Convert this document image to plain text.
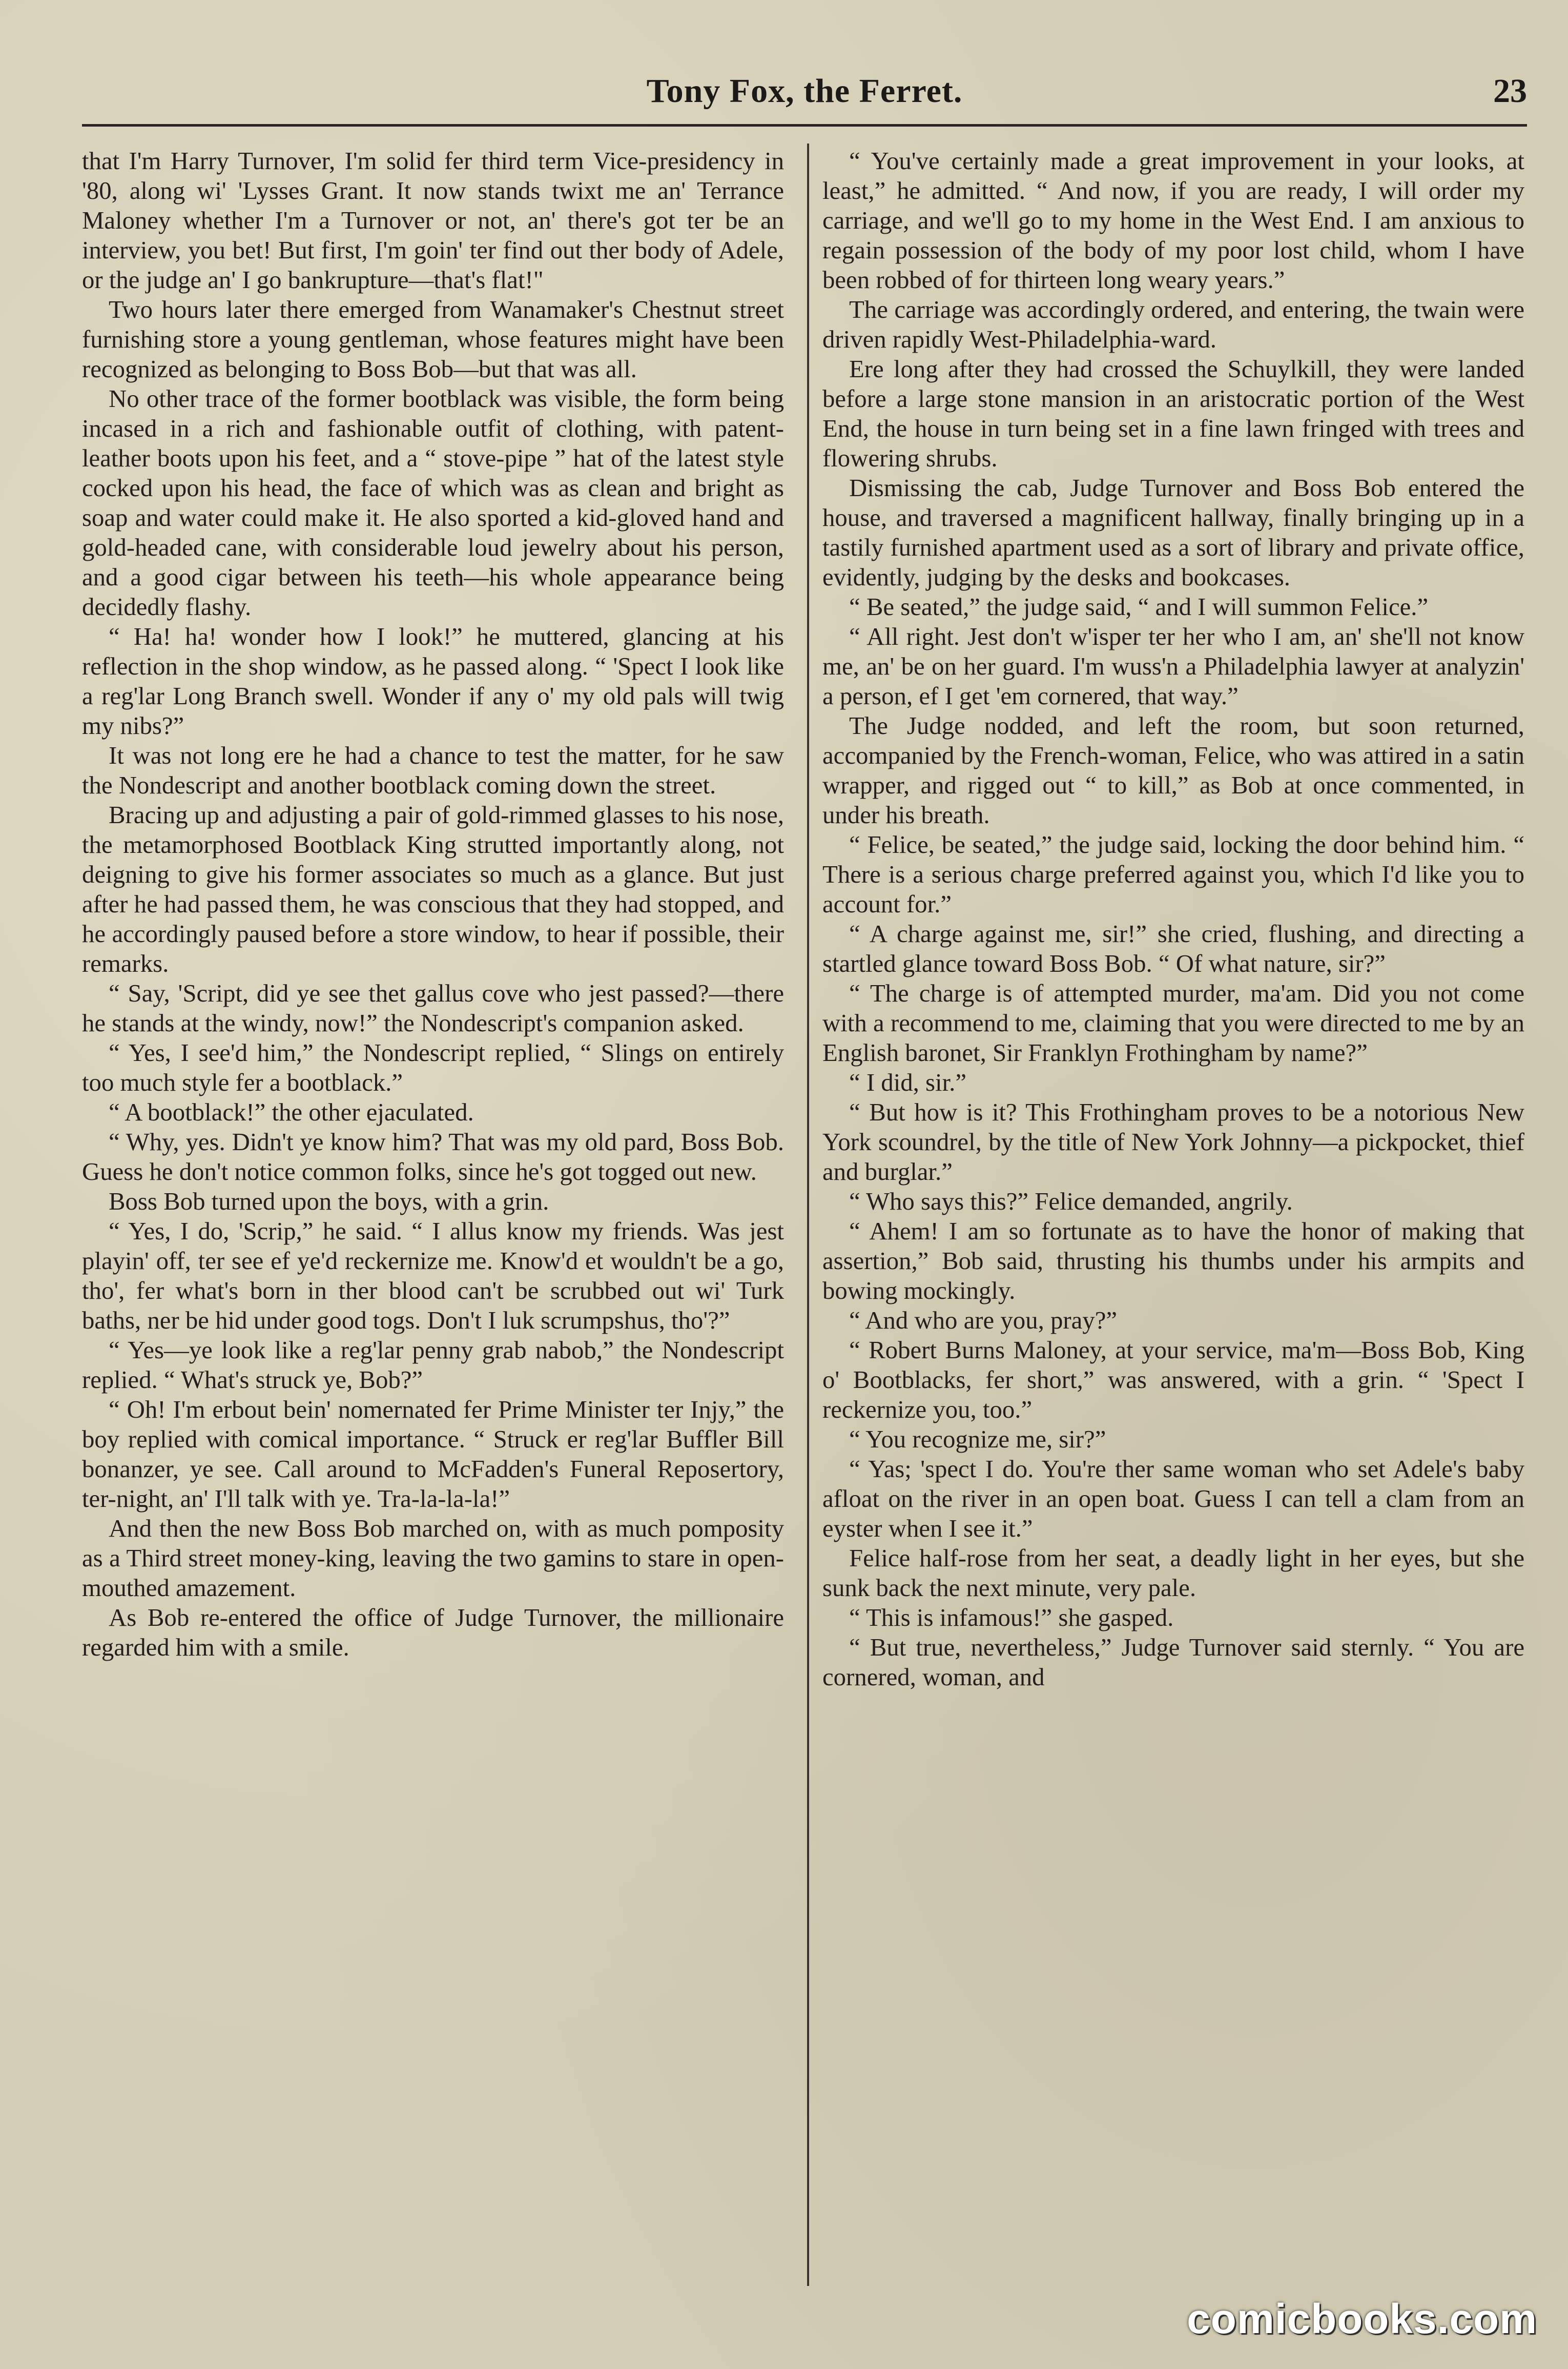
Tony Fox, the Ferret.	23

that I'm Harry Turnover, I'm solid fer third term Vice-presidency in '80, along wi' 'Lysses Grant. It now stands twixt me an' Terrance Maloney whether I'm a Turnover or not, an' there's got ter be an interview, you bet! But first, I'm goin' ter find out ther body of Adele, or the judge an' I go bankrupture—that's flat!"

Two hours later there emerged from Wanamaker's Chestnut street furnishing store a young gentleman, whose features might have been recognized as belonging to Boss Bob—but that was all.

No other trace of the former bootblack was visible, the form being incased in a rich and fashionable outfit of clothing, with patent-leather boots upon his feet, and a “ stove-pipe ” hat of the latest style cocked upon his head, the face of which was as clean and bright as soap and water could make it. He also sported a kid-gloved hand and gold-headed cane, with considerable loud jewelry about his person, and a good cigar between his teeth—his whole appearance being decidedly flashy.

“ Ha! ha! wonder how I look!” he muttered, glancing at his reflection in the shop window, as he passed along. “ 'Spect I look like a reg'lar Long Branch swell. Wonder if any o' my old pals will twig my nibs?”

It was not long ere he had a chance to test the matter, for he saw the Nondescript and another bootblack coming down the street.

Bracing up and adjusting a pair of gold-rimmed glasses to his nose, the metamorphosed Bootblack King strutted importantly along, not deigning to give his former associates so much as a glance. But just after he had passed them, he was conscious that they had stopped, and he accordingly paused before a store window, to hear if possible, their remarks.

“ Say, 'Script, did ye see thet gallus cove who jest passed?—there he stands at the windy, now!” the Nondescript's companion asked.

“ Yes, I see'd him,” the Nondescript replied, “ Slings on entirely too much style fer a bootblack.”

“ A bootblack!” the other ejaculated.

“ Why, yes. Didn't ye know him? That was my old pard, Boss Bob. Guess he don't notice common folks, since he's got togged out new.

Boss Bob turned upon the boys, with a grin.

“ Yes, I do, 'Scrip,” he said. “ I allus know my friends. Was jest playin' off, ter see ef ye'd reckernize me. Know'd et wouldn't be a go, tho', fer what's born in ther blood can't be scrubbed out wi' Turk baths, ner be hid under good togs. Don't I luk scrumpshus, tho'?”

“ Yes—ye look like a reg'lar penny grab nabob,” the Nondescript replied. “ What's struck ye, Bob?”

“ Oh! I'm erbout bein' nomernated fer Prime Minister ter Injy,” the boy replied with comical importance. “ Struck er reg'lar Buffler Bill bonanzer, ye see. Call around to McFadden's Funeral Reposertory, ter-night, an' I'll talk with ye. Tra-la-la-la!”

And then the new Boss Bob marched on, with as much pomposity as a Third street money-king, leaving the two gamins to stare in open-mouthed amazement.

As Bob re-entered the office of Judge Turnover, the millionaire regarded him with a smile.

“ You've certainly made a great improvement in your looks, at least,” he admitted. “ And now, if you are ready, I will order my carriage, and we'll go to my home in the West End. I am anxious to regain possession of the body of my poor lost child, whom I have been robbed of for thirteen long weary years.”

The carriage was accordingly ordered, and entering, the twain were driven rapidly West-Philadelphia-ward.

Ere long after they had crossed the Schuylkill, they were landed before a large stone mansion in an aristocratic portion of the West End, the house in turn being set in a fine lawn fringed with trees and flowering shrubs.

Dismissing the cab, Judge Turnover and Boss Bob entered the house, and traversed a magnificent hallway, finally bringing up in a tastily furnished apartment used as a sort of library and private office, evidently, judging by the desks and bookcases.

“ Be seated,” the judge said, “ and I will summon Felice.”

“ All right. Jest don't w'isper ter her who I am, an' she'll not know me, an' be on her guard. I'm wuss'n a Philadelphia lawyer at analyzin' a person, ef I get 'em cornered, that way.”

The Judge nodded, and left the room, but soon returned, accompanied by the French-woman, Felice, who was attired in a satin wrapper, and rigged out “ to kill,” as Bob at once commented, in under his breath.

“ Felice, be seated,” the judge said, locking the door behind him. “ There is a serious charge preferred against you, which I'd like you to account for.”

“ A charge against me, sir!” she cried, flushing, and directing a startled glance toward Boss Bob. “ Of what nature, sir?”

“ The charge is of attempted murder, ma'am. Did you not come with a recommend to me, claiming that you were directed to me by an English baronet, Sir Franklyn Frothingham by name?”

“ I did, sir.”

“ But how is it? This Frothingham proves to be a notorious New York scoundrel, by the title of New York Johnny—a pickpocket, thief and burglar.”

“ Who says this?” Felice demanded, angrily.

“ Ahem! I am so fortunate as to have the honor of making that assertion,” Bob said, thrusting his thumbs under his armpits and bowing mockingly.

“ And who are you, pray?”

“ Robert Burns Maloney, at your service, ma'm—Boss Bob, King o' Bootblacks, fer short,” was answered, with a grin. “ 'Spect I reckernize you, too.”

“ You recognize me, sir?”

“ Yas; 'spect I do. You're ther same woman who set Adele's baby afloat on the river in an open boat. Guess I can tell a clam from an eyster when I see it.”

Felice half-rose from her seat, a deadly light in her eyes, but she sunk back the next minute, very pale.

“ This is infamous!” she gasped.

“ But true, nevertheless,” Judge Turnover said sternly. “ You are cornered, woman, and

comicbooks.com
